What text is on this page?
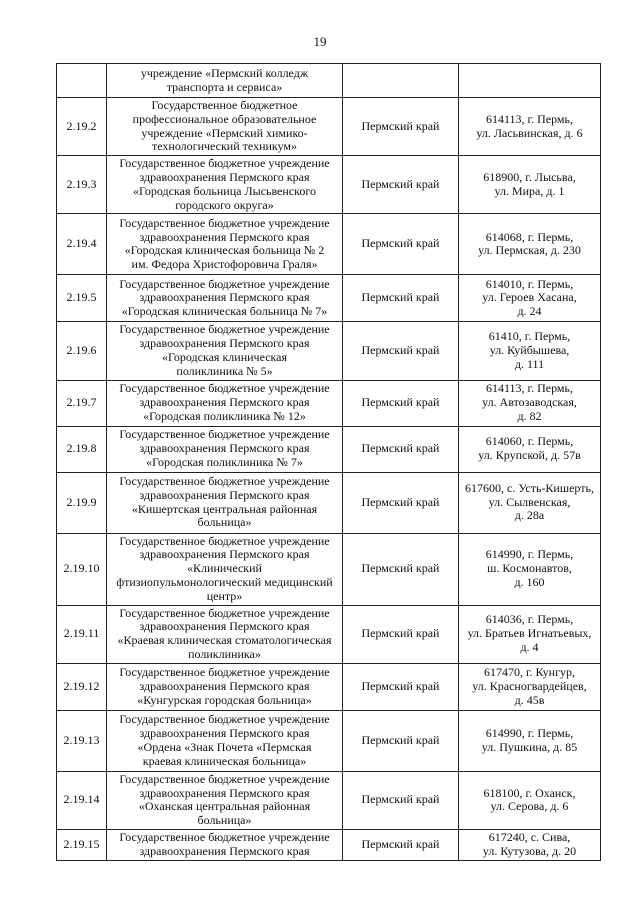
19

	учреждение «Пермский колледж
транспорта и сервиса»		

2.19.2	Государственное бюджетное
профессиональное образовательное
учреждение «Пермский химико-
технологический техникум»	Пермский край	614113, г. Пермь,
ул. Ласьвинская, д. 6

2.19.3	Государственное бюджетное учреждение
здравоохранения Пермского края
«Городская больница Лысьвенского
городского округа»	Пермский край	618900, г. Лысьва,
ул. Мира, д. 1

2.19.4	Государственное бюджетное учреждение
здравоохранения Пермского края
«Городская клиническая больница № 2
им. Федора Христофоровича Граля»	Пермский край	614068, г. Пермь,
ул. Пермская, д. 230

2.19.5	Государственное бюджетное учреждение
здравоохранения Пермского края
«Городская клиническая больница № 7»	Пермский край	614010, г. Пермь,
ул. Героев Хасана,
д. 24

2.19.6	Государственное бюджетное учреждение
здравоохранения Пермского края
«Городская клиническая
поликлиника № 5»	Пермский край	61410, г. Пермь,
ул. Куйбышева,
д. 111

2.19.7	Государственное бюджетное учреждение
здравоохранения Пермского края
«Городская поликлиника № 12»	Пермский край	614113, г. Пермь,
ул. Автозаводская,
д. 82

2.19.8	Государственное бюджетное учреждение
здравоохранения Пермского края
«Городская поликлиника № 7»	Пермский край	614060, г. Пермь,
ул. Крупской, д. 57в

2.19.9	Государственное бюджетное учреждение
здравоохранения Пермского края
«Кишертская центральная районная
больница»	Пермский край	617600, с. Усть-Кишерть,
ул. Сылвенская,
д. 28а

2.19.10	Государственное бюджетное учреждение
здравоохранения Пермского края
«Клинический
фтизиопульмонологический медицинский
центр»	Пермский край	614990, г. Пермь,
ш. Космонавтов,
д. 160

2.19.11	Государственное бюджетное учреждение
здравоохранения Пермского края
«Краевая клиническая стоматологическая
поликлиника»	Пермский край	614036, г. Пермь,
ул. Братьев Игнатьевых,
д. 4

2.19.12	Государственное бюджетное учреждение
здравоохранения Пермского края
«Кунгурская городская больница»	Пермский край	617470, г. Кунгур,
ул. Красногвардейцев,
д. 45в

2.19.13	Государственное бюджетное учреждение
здравоохранения Пермского края
«Ордена «Знак Почета «Пермская
краевая клиническая больница»	Пермский край	614990, г. Пермь,
ул. Пушкина, д. 85

2.19.14	Государственное бюджетное учреждение
здравоохранения Пермского края
«Оханская центральная районная
больница»	Пермский край	618100, г. Оханск,
ул. Серова, д. 6

2.19.15	Государственное бюджетное учреждение
здравоохранения Пермского края	Пермский край	617240, с. Сива,
ул. Кутузова, д. 20
